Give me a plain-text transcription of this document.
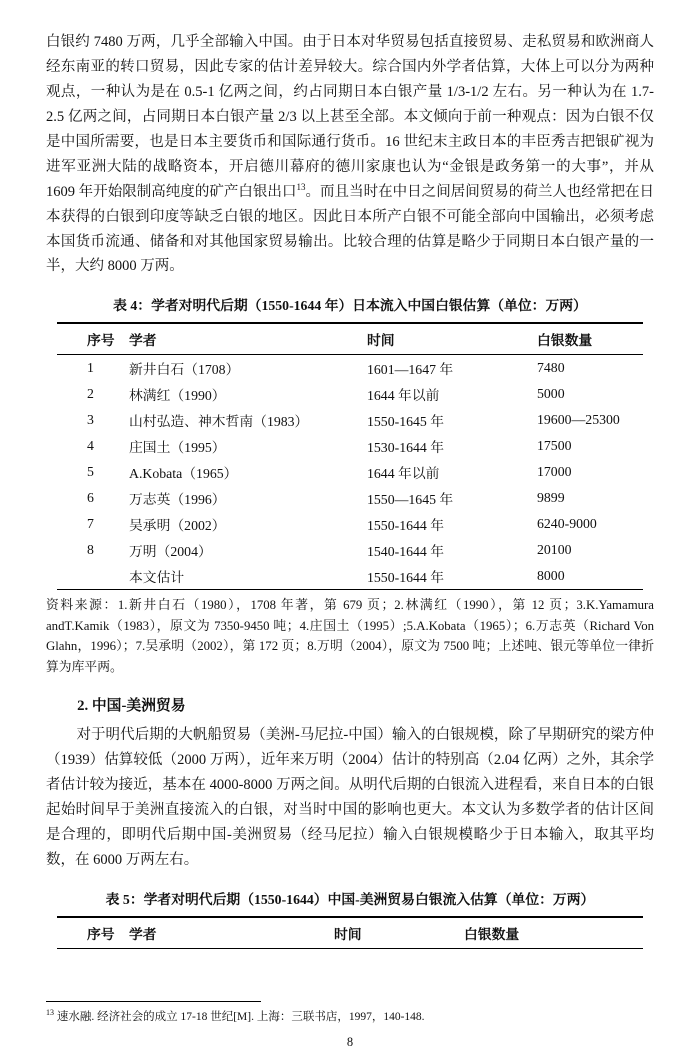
白银约 7480 万两，几乎全部输入中国。由于日本对华贸易包括直接贸易、走私贸易和欧洲商人经东南亚的转口贸易，因此专家的估计差异较大。综合国内外学者估算，大体上可以分为两种观点，一种认为是在 0.5-1 亿两之间，约占同期日本白银产量 1/3-1/2 左右。另一种认为在 1.7-2.5 亿两之间，占同期日本白银产量 2/3 以上甚至全部。本文倾向于前一种观点：因为白银不仅是中国所需要，也是日本主要货币和国际通行货币。16 世纪末主政日本的丰臣秀吉把银矿视为进军亚洲大陆的战略资本，开启德川幕府的德川家康也认为“金银是政务第一的大事”，并从 1609 年开始限制高纯度的矿产白银出口$^{13}$。而且当时在中日之间居间贸易的荷兰人也经常把在日本获得的白银到印度等缺乏白银的地区。因此日本所产白银不可能全部向中国输出，必须考虑本国货币流通、储备和对其他国家贸易输出。比较合理的估算是略少于同期日本白银产量的一半，大约 8000 万两。

表 4：学者对明代后期（1550-1644 年）日本流入中国白银估算（单位：万两）
序号	学者	时间	白银数量
1	新井白石（1708）	1601—1647 年	7480
2	林满红（1990）	1644 年以前	5000
3	山村弘造、神木哲南（1983）	1550-1645 年	19600—25300
4	庄国土（1995）	1530-1644 年	17500
5	A.Kobata（1965）	1644 年以前	17000
6	万志英（1996）	1550—1645 年	9899
7	吴承明（2002）	1550-1644 年	6240-9000
8	万明（2004）	1540-1644 年	20100
	本文估计	1550-1644 年	8000

资料来源：1.新井白石（1980），1708 年著，第 679 页；2.林满红（1990），第 12 页；3.K.Yamamura andT.Kamik（1983），原文为 7350-9450 吨；4.庄国土（1995）;5.A.Kobata（1965）；6.万志英（Richard Von Glahn，1996）；7.吴承明（2002），第 172 页；8.万明（2004），原文为 7500 吨；上述吨、银元等单位一律折算为库平两。

2. 中国-美洲贸易

对于明代后期的大帆船贸易（美洲-马尼拉-中国）输入的白银规模，除了早期研究的梁方仲（1939）估算较低（2000 万两），近年来万明（2004）估计的特别高（2.04 亿两）之外，其余学者估计较为接近，基本在 4000-8000 万两之间。从明代后期的白银流入进程看，来自日本的白银起始时间早于美洲直接流入的白银，对当时中国的影响也更大。本文认为多数学者的估计区间是合理的，即明代后期中国-美洲贸易（经马尼拉）输入白银规模略少于日本输入，取其平均数，在 6000 万两左右。

表 5：学者对明代后期（1550-1644）中国-美洲贸易白银流入估算（单位：万两）
序号	学者	时间	白银数量
$^{13}$ 速水融. 经济社会的成立 17-18 世纪[M]. 上海：三联书店，1997，140-148.
8
